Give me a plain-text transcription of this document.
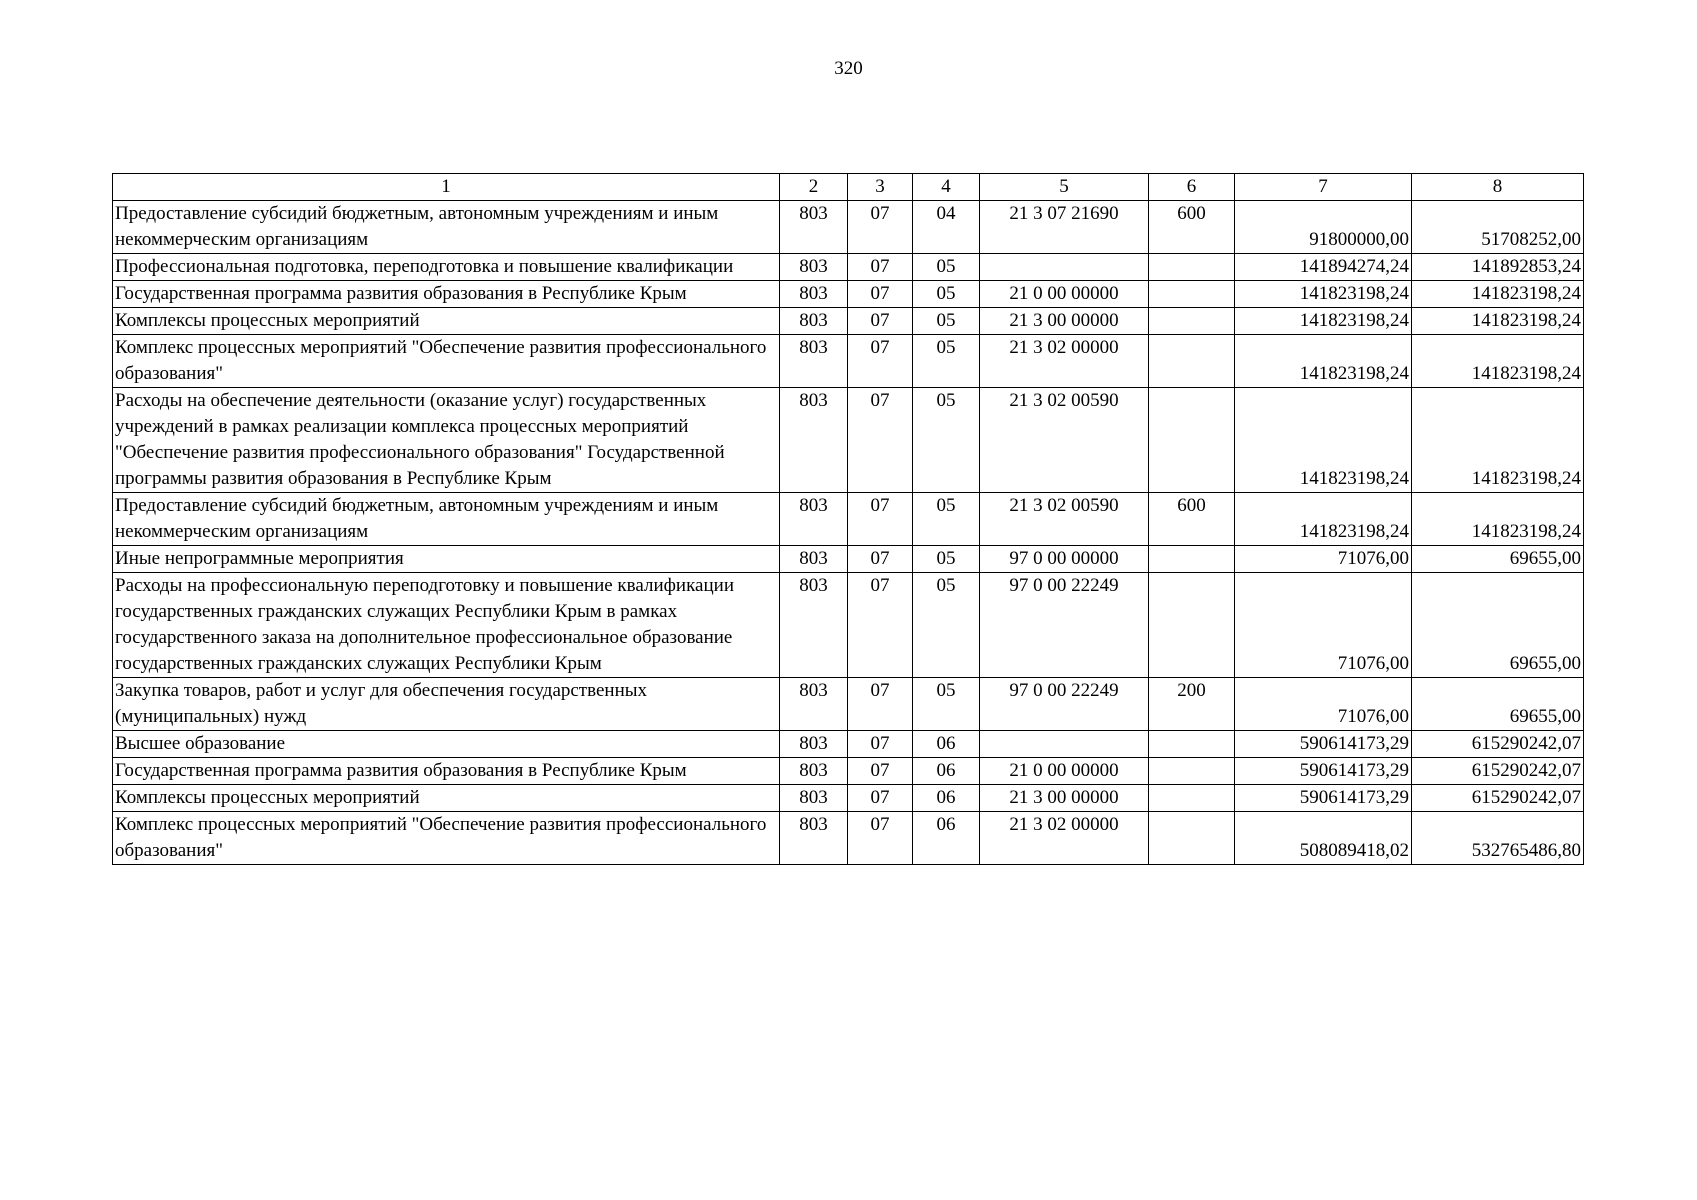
320
1	2	3	4	5	6	7	8
Предоставление субсидий бюджетным, автономным учреждениям и иным некоммерческим организациям	803	07	04	21 3 07 21690	600	91800000,00	51708252,00
Профессиональная подготовка, переподготовка и повышение квалификации	803	07	05			141894274,24	141892853,24
Государственная программа развития образования в Республике Крым	803	07	05	21 0 00 00000		141823198,24	141823198,24
Комплексы процессных мероприятий	803	07	05	21 3 00 00000		141823198,24	141823198,24
Комплекс процессных мероприятий "Обеспечение развития профессионального образования"	803	07	05	21 3 02 00000		141823198,24	141823198,24
Расходы на обеспечение деятельности (оказание услуг) государственных учреждений в рамках реализации комплекса процессных мероприятий "Обеспечение развития профессионального образования" Государственной программы развития образования в Республике Крым	803	07	05	21 3 02 00590		141823198,24	141823198,24
Предоставление субсидий бюджетным, автономным учреждениям и иным некоммерческим организациям	803	07	05	21 3 02 00590	600	141823198,24	141823198,24
Иные непрограммные мероприятия	803	07	05	97 0 00 00000		71076,00	69655,00
Расходы на профессиональную переподготовку и повышение квалификации государственных гражданских служащих Республики Крым в рамках государственного заказа на дополнительное профессиональное образование государственных гражданских служащих Республики Крым	803	07	05	97 0 00 22249		71076,00	69655,00
Закупка товаров, работ и услуг для обеспечения государственных (муниципальных) нужд	803	07	05	97 0 00 22249	200	71076,00	69655,00
Высшее образование	803	07	06			590614173,29	615290242,07
Государственная программа развития образования в Республике Крым	803	07	06	21 0 00 00000		590614173,29	615290242,07
Комплексы процессных мероприятий	803	07	06	21 3 00 00000		590614173,29	615290242,07
Комплекс процессных мероприятий "Обеспечение развития профессионального образования"	803	07	06	21 3 02 00000		508089418,02	532765486,80
